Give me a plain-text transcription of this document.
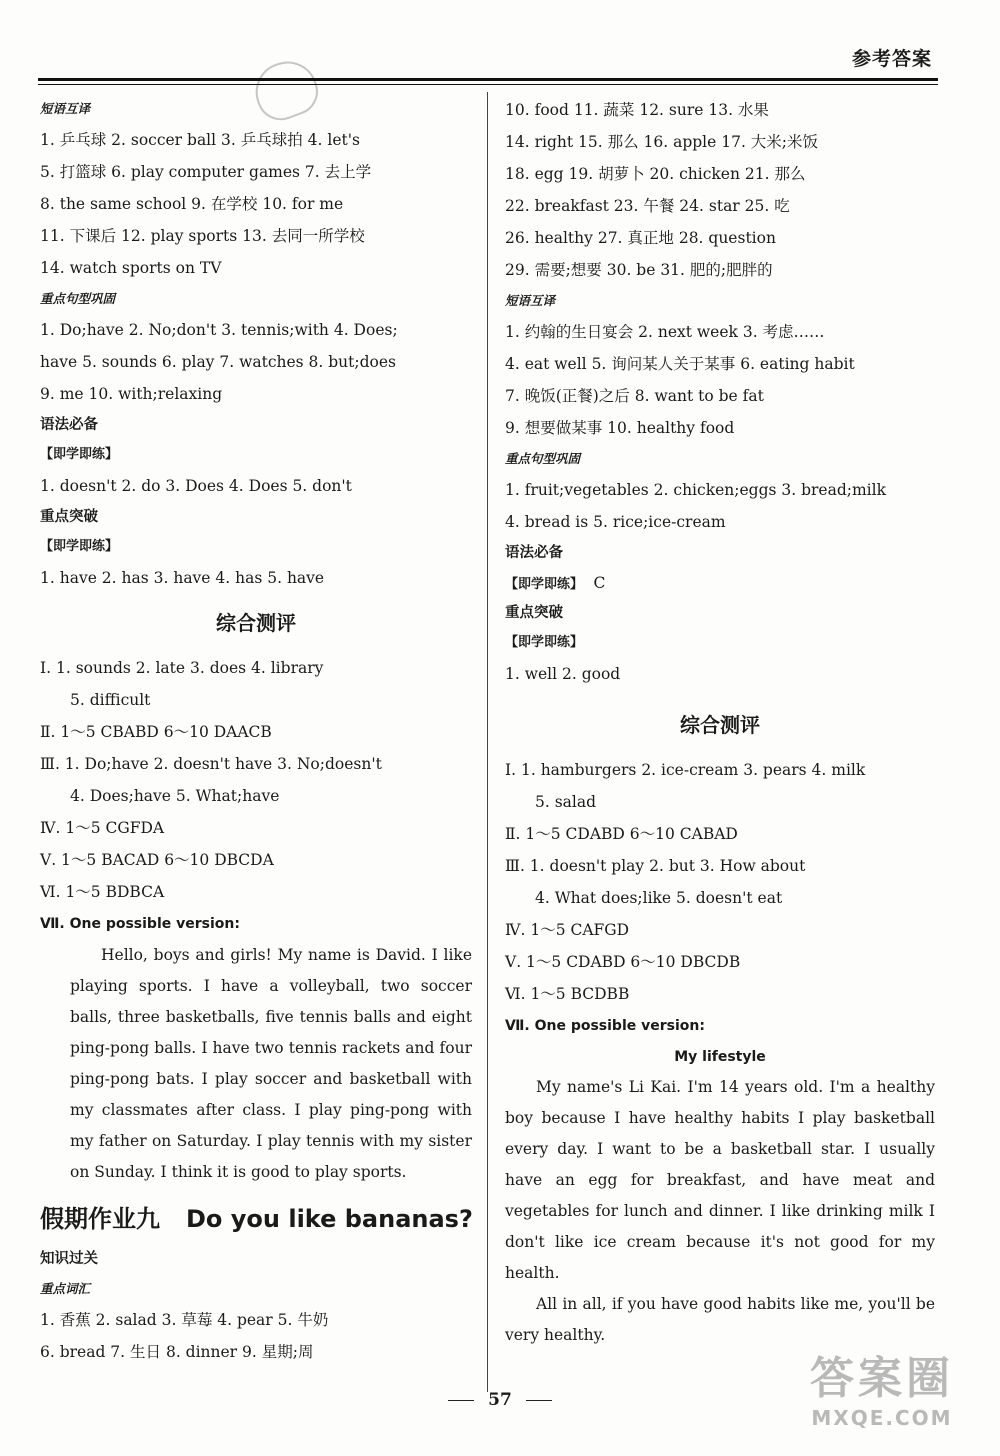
参考答案
短语互译
1. 乒乓球 2. soccer ball 3. 乒乓球拍 4. let's
5. 打篮球 6. play computer games 7. 去上学
8. the same school 9. 在学校 10. for me
11. 下课后 12. play sports 13. 去同一所学校
14. watch sports on TV
重点句型巩固
1. Do;have 2. No;don't 3. tennis;with 4. Does;
have 5. sounds 6. play 7. watches 8. but;does
9. me 10. with;relaxing
语法必备
【即学即练】
1. doesn't 2. do 3. Does 4. Does 5. don't
重点突破
【即学即练】
1. have 2. has 3. have 4. has 5. have
综合测评
Ⅰ. 1. sounds 2. late 3. does 4. library
5. difficult
Ⅱ. 1～5 CBABD 6～10 DAACB
Ⅲ. 1. Do;have 2. doesn't have 3. No;doesn't
4. Does;have 5. What;have
Ⅳ. 1～5 CGFDA
Ⅴ. 1～5 BACAD 6～10 DBCDA
Ⅵ. 1～5 BDBCA
Ⅶ. One possible version:

Hello, boys and girls! My name is David. I like playing sports. I have a volleyball, two soccer balls, three basketballs, five tennis balls and eight ping-pong balls. I have two tennis rackets and four ping-pong bats. I play soccer and basketball with my classmates after class. I play ping-pong with my father on Saturday. I play tennis with my sister on Sunday. I think it is good to play sports.

假期作业九 Do you like bananas?
知识过关
重点词汇
1. 香蕉 2. salad 3. 草莓 4. pear 5. 牛奶
6. bread 7. 生日 8. dinner 9. 星期;周
10. food 11. 蔬菜 12. sure 13. 水果
14. right 15. 那么 16. apple 17. 大米;米饭
18. egg 19. 胡萝卜 20. chicken 21. 那么
22. breakfast 23. 午餐 24. star 25. 吃
26. healthy 27. 真正地 28. question
29. 需要;想要 30. be 31. 肥的;肥胖的
短语互译
1. 约翰的生日宴会 2. next week 3. 考虑……
4. eat well 5. 询问某人关于某事 6. eating habit
7. 晚饭(正餐)之后 8. want to be fat
9. 想要做某事 10. healthy food
重点句型巩固
1. fruit;vegetables 2. chicken;eggs 3. bread;milk
4. bread is 5. rice;ice-cream
语法必备
【即学即练】 C
重点突破
【即学即练】
1. well 2. good
综合测评
Ⅰ. 1. hamburgers 2. ice-cream 3. pears 4. milk
5. salad
Ⅱ. 1～5 CDABD 6～10 CABAD
Ⅲ. 1. doesn't play 2. but 3. How about
4. What does;like 5. doesn't eat
Ⅳ. 1～5 CAFGD
Ⅴ. 1～5 CDABD 6～10 DBCDB
Ⅵ. 1～5 BCDBB
Ⅶ. One possible version:
My lifestyle

My name's Li Kai. I'm 14 years old. I'm a healthy boy because I have healthy habits I play basketball every day. I want to be a basketball star. I usually have an egg for breakfast, and have meat and vegetables for lunch and dinner. I like drinking milk I don't like ice cream because it's not good for my health.

All in all, if you have good habits like me, you'll be very healthy.

57	答案圈
MXQE.COM
